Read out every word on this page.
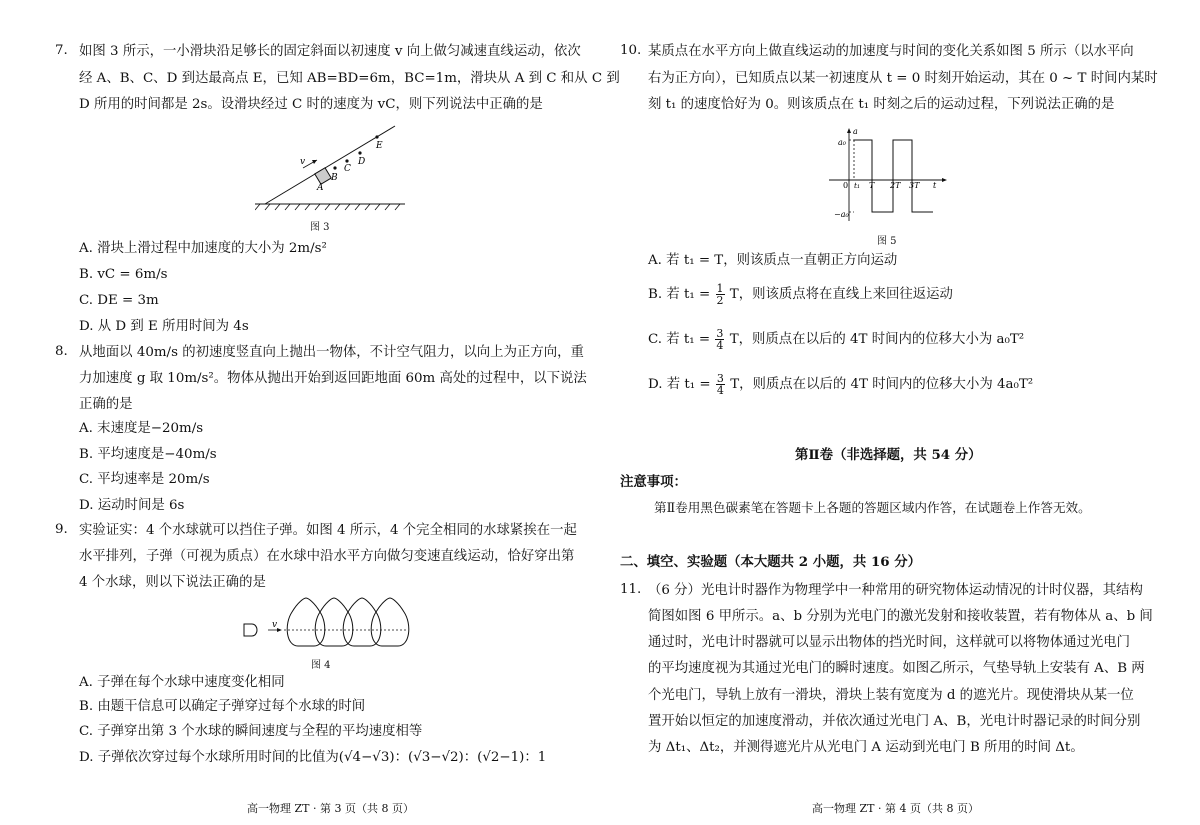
7. 如图 3 所示，一小滑块沿足够长的固定斜面以初速度 v 向上做匀减速直线运动，依次
经 A、B、C、D 到达最高点 E，已知 AB=BD=6m，BC=1m，滑块从 A 到 C 和从 C 到
D 所用的时间都是 2s。设滑块经过 C 时的速度为 vC，则下列说法中正确的是
v
A
B
C
D
E
图 3
A. 滑块上滑过程中加速度的大小为 2m/s²
B. vC = 6m/s
C. DE = 3m
D. 从 D 到 E 所用时间为 4s
8. 从地面以 40m/s 的初速度竖直向上抛出一物体，不计空气阻力，以向上为正方向，重
力加速度 g 取 10m/s²。物体从抛出开始到返回距地面 60m 高处的过程中，以下说法
正确的是
A. 末速度是−20m/s
B. 平均速度是−40m/s
C. 平均速率是 20m/s
D. 运动时间是 6s
9. 实验证实：4 个水球就可以挡住子弹。如图 4 所示，4 个完全相同的水球紧挨在一起
水平排列，子弹（可视为质点）在水球中沿水平方向做匀变速直线运动，恰好穿出第
4 个水球，则以下说法正确的是
v
图 4
A. 子弹在每个水球中速度变化相同
B. 由题干信息可以确定子弹穿过每个水球的时间
C. 子弹穿出第 3 个水球的瞬间速度与全程的平均速度相等
D. 子弹依次穿过每个水球所用时间的比值为(√4−√3)：(√3−√2)：(√2−1)：1
高一物理 ZT · 第 3 页（共 8 页）
10. 某质点在水平方向上做直线运动的加速度与时间的变化关系如图 5 所示（以水平向
右为正方向），已知质点以某一初速度从 t = 0 时刻开始运动，其在 0 ~ T 时间内某时
刻 t₁ 的速度恰好为 0。则该质点在 t₁ 时刻之后的运动过程，下列说法正确的是
a
a₀
−a₀
0 t₁ T 2T 3T t
图 5
A. 若 t₁ = T，则该质点一直朝正方向运动
B. 若 $t_1 = \frac{1}{2}$ T，则该质点将在直线上来回往返运动
C. 若 $t_1 = \frac{3}{4}$ T，则质点在以后的 4T 时间内的位移大小为 a₀T²
D. 若 $t_1 = \frac{3}{4}$ T，则质点在以后的 4T 时间内的位移大小为 4a₀T²
第Ⅱ卷（非选择题，共 54 分）
注意事项：
第Ⅱ卷用黑色碳素笔在答题卡上各题的答题区域内作答，在试题卷上作答无效。
二、填空、实验题（本大题共 2 小题，共 16 分）
11. （6 分）光电计时器作为物理学中一种常用的研究物体运动情况的计时仪器，其结构
简图如图 6 甲所示。a、b 分别为光电门的激光发射和接收装置，若有物体从 a、b 间
通过时，光电计时器就可以显示出物体的挡光时间，这样就可以将物体通过光电门
的平均速度视为其通过光电门的瞬时速度。如图乙所示，气垫导轨上安装有 A、B 两
个光电门，导轨上放有一滑块，滑块上装有宽度为 d 的遮光片。现使滑块从某一位
置开始以恒定的加速度滑动，并依次通过光电门 A、B，光电计时器记录的时间分别
为 Δt₁、Δt₂，并测得遮光片从光电门 A 运动到光电门 B 所用的时间 Δt。
高一物理 ZT · 第 4 页（共 8 页）
